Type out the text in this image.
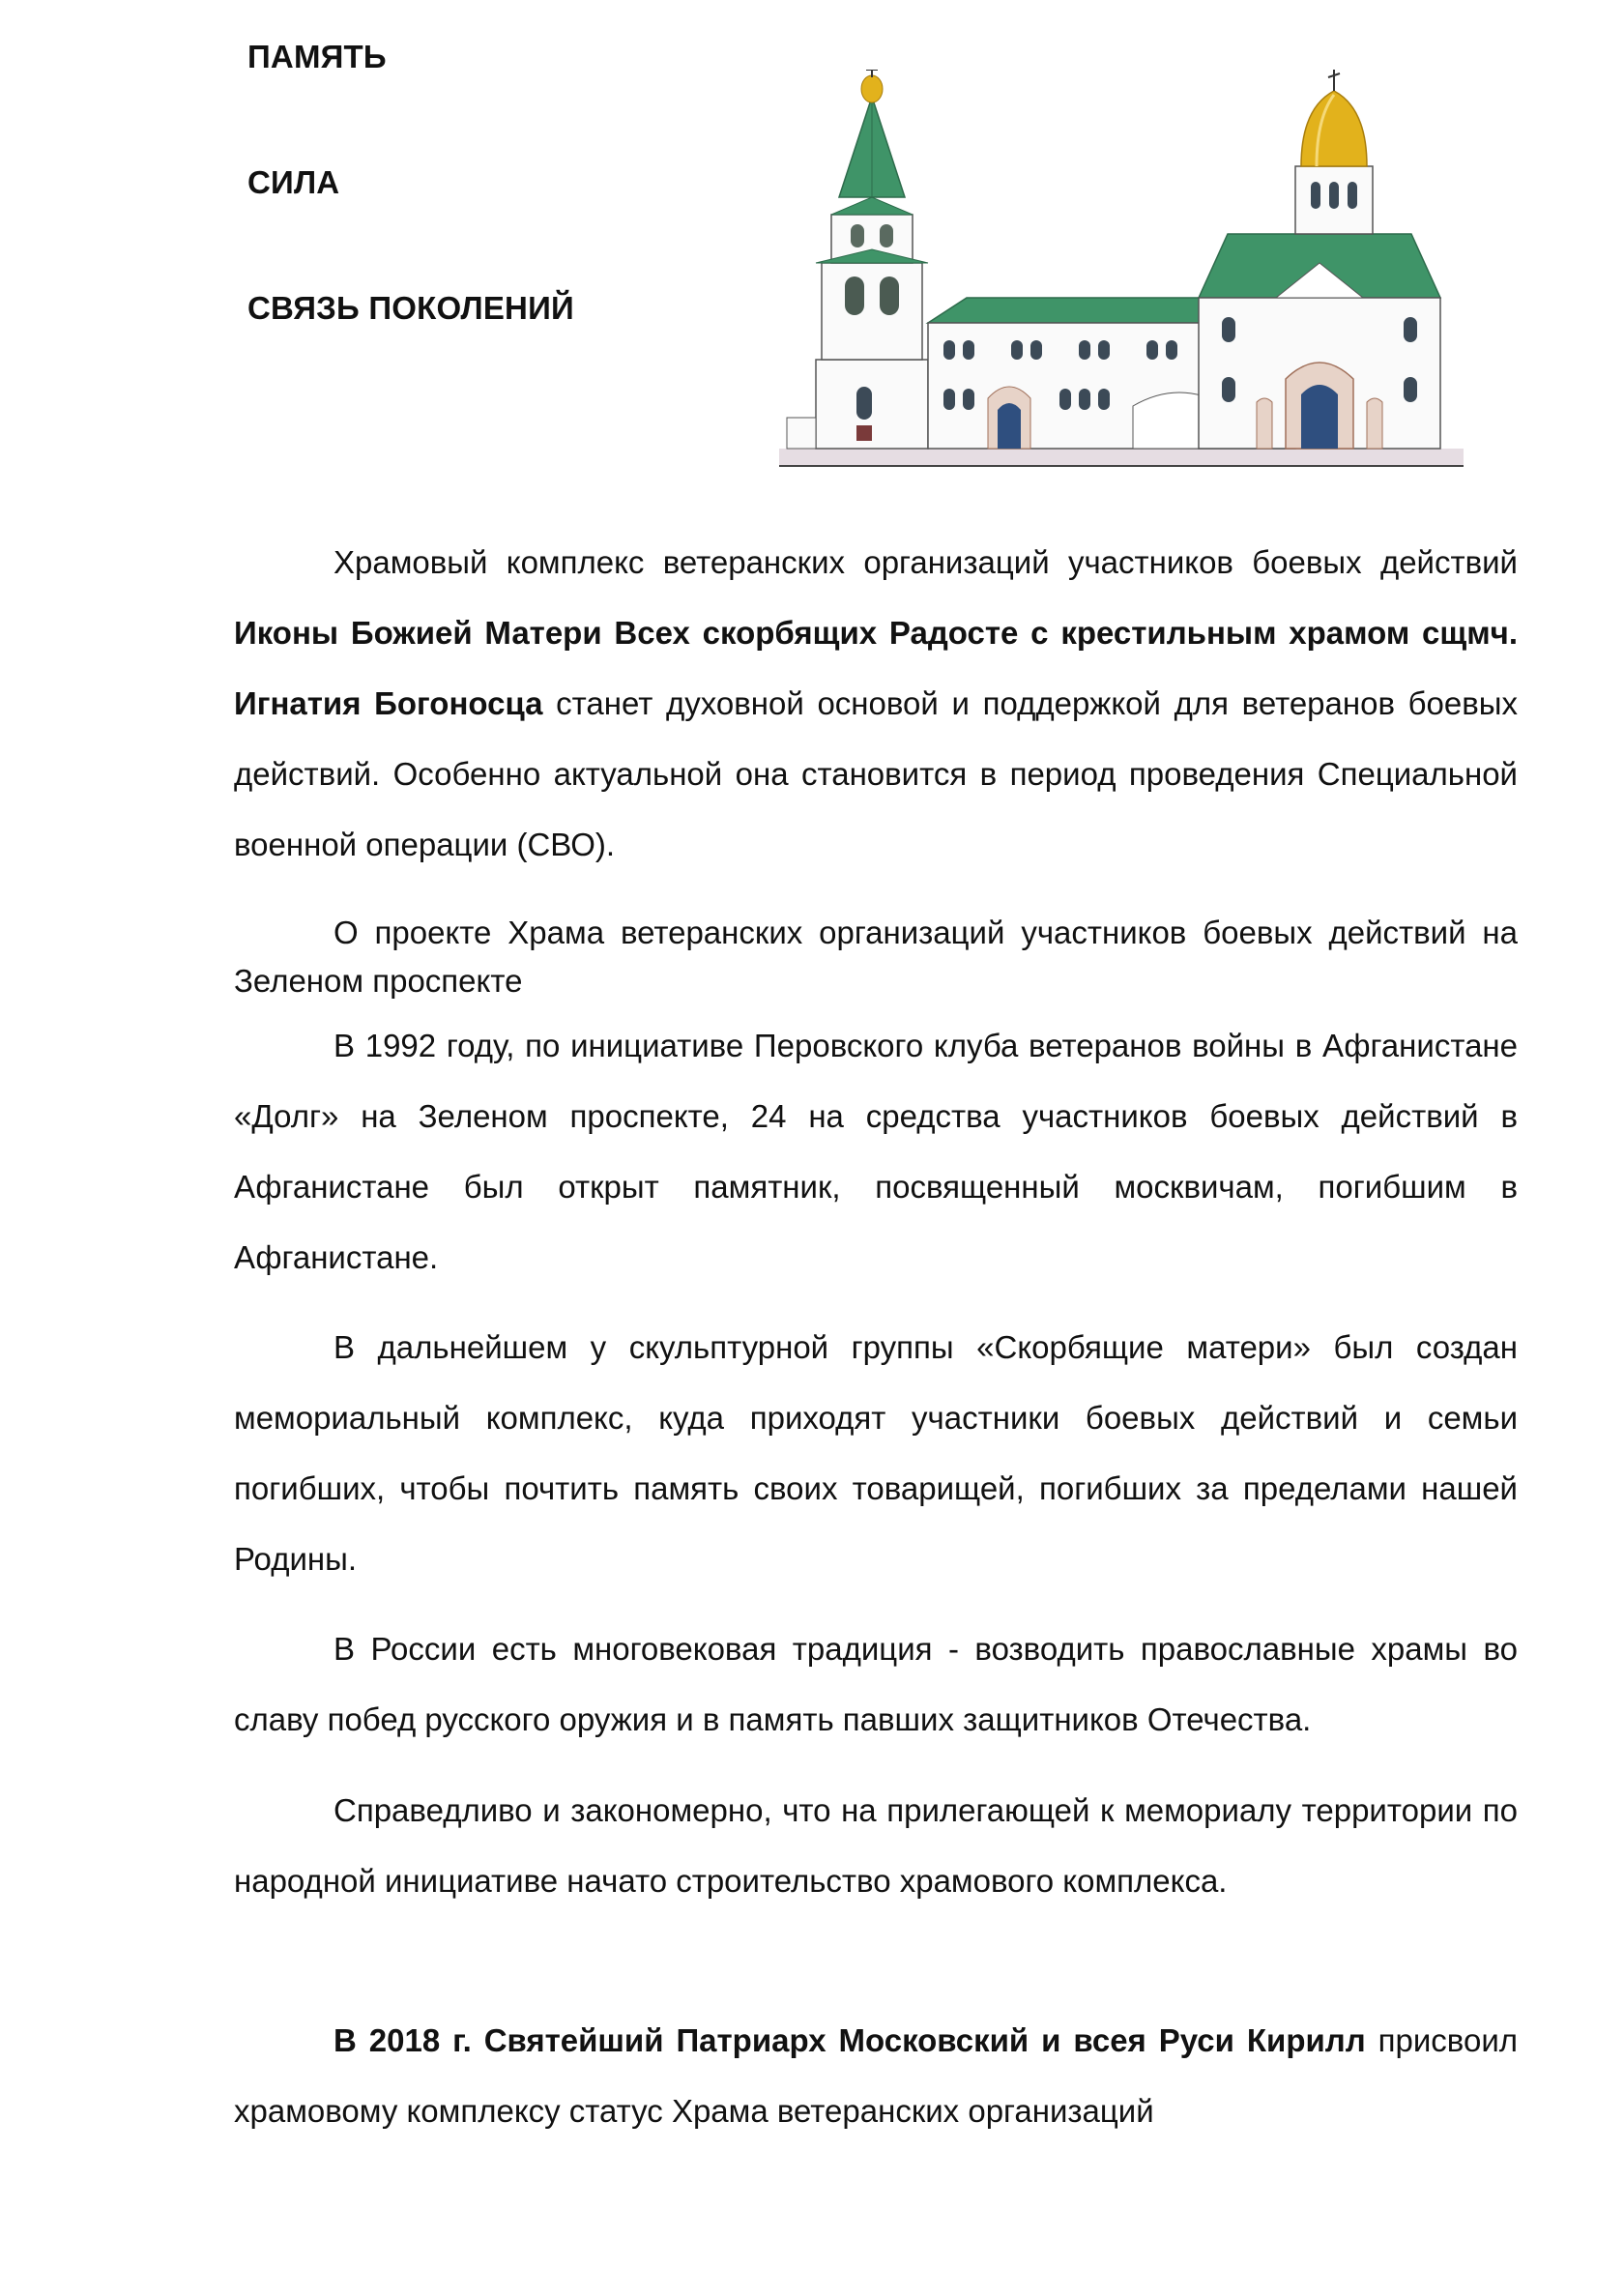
ПАМЯТЬ
СИЛА
СВЯЗЬ ПОКОЛЕНИЙ

Храмовый комплекс ветеранских организаций участников боевых действий Иконы Божией Матери Всех скорбящих Радосте с крестильным храмом сщмч. Игнатия Богоносца станет духовной основой и поддержкой для ветеранов боевых действий. Особенно актуальной она становится в период проведения Специальной военной операции (СВО).

О проекте Храма ветеранских организаций участников боевых действий на Зеленом проспекте

В 1992 году, по инициативе Перовского клуба ветеранов войны в Афганистане «Долг» на Зеленом проспекте, 24 на средства участников боевых действий в Афганистане был открыт памятник, посвященный москвичам, погибшим в Афганистане.

В дальнейшем у скульптурной группы «Скорбящие матери» был создан мемориальный комплекс, куда приходят участники боевых действий и семьи погибших, чтобы почтить память своих товарищей, погибших за пределами нашей Родины.

В России есть многовековая традиция - возводить православные храмы во славу побед русского оружия и в память павших защитников Отечества.

Справедливо и закономерно, что на прилегающей к мемориалу территории по народной инициативе начато строительство храмового комплекса.

В 2018 г. Святейший Патриарх Московский и всея Руси Кирилл присвоил храмовому комплексу статус Храма ветеранских организаций
